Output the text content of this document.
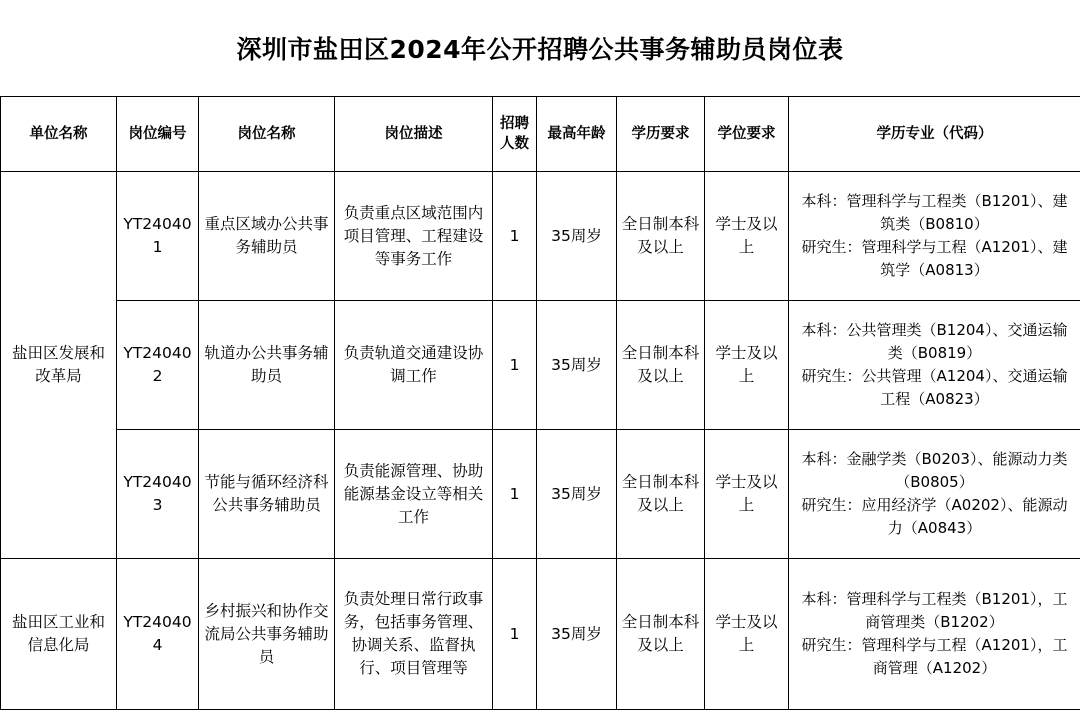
深圳市盐田区2024年公开招聘公共事务辅助员岗位表
单位名称	岗位编号	岗位名称	岗位描述	招聘人数	最高年龄	学历要求	学位要求	学历专业（代码）
盐田区发展和改革局	YT240401	重点区域办公共事务辅助员	负责重点区域范围内项目管理、工程建设等事务工作	1	35周岁	全日制本科及以上	学士及以上	本科：管理科学与工程类（B1201）、建筑类（B0810）
研究生：管理科学与工程（A1201）、建筑学（A0813）

	YT240402	轨道办公共事务辅助员	负责轨道交通建设协调工作	1	35周岁	全日制本科及以上	学士及以上	本科：公共管理类（B1204）、交通运输类（B0819）
研究生：公共管理（A1204）、交通运输工程（A0823）

	YT240403	节能与循环经济科公共事务辅助员	负责能源管理、协助能源基金设立等相关工作	1	35周岁	全日制本科及以上	学士及以上	本科：金融学类（B0203）、能源动力类（B0805）
研究生：应用经济学（A0202）、能源动力（A0843）

盐田区工业和信息化局	YT240404	乡村振兴和协作交流局公共事务辅助员	负责处理日常行政事务，包括事务管理、协调关系、监督执行、项目管理等	1	35周岁	全日制本科及以上	学士及以上	本科：管理科学与工程类（B1201），工商管理类（B1202）
研究生：管理科学与工程（A1201），工商管理（A1202）
